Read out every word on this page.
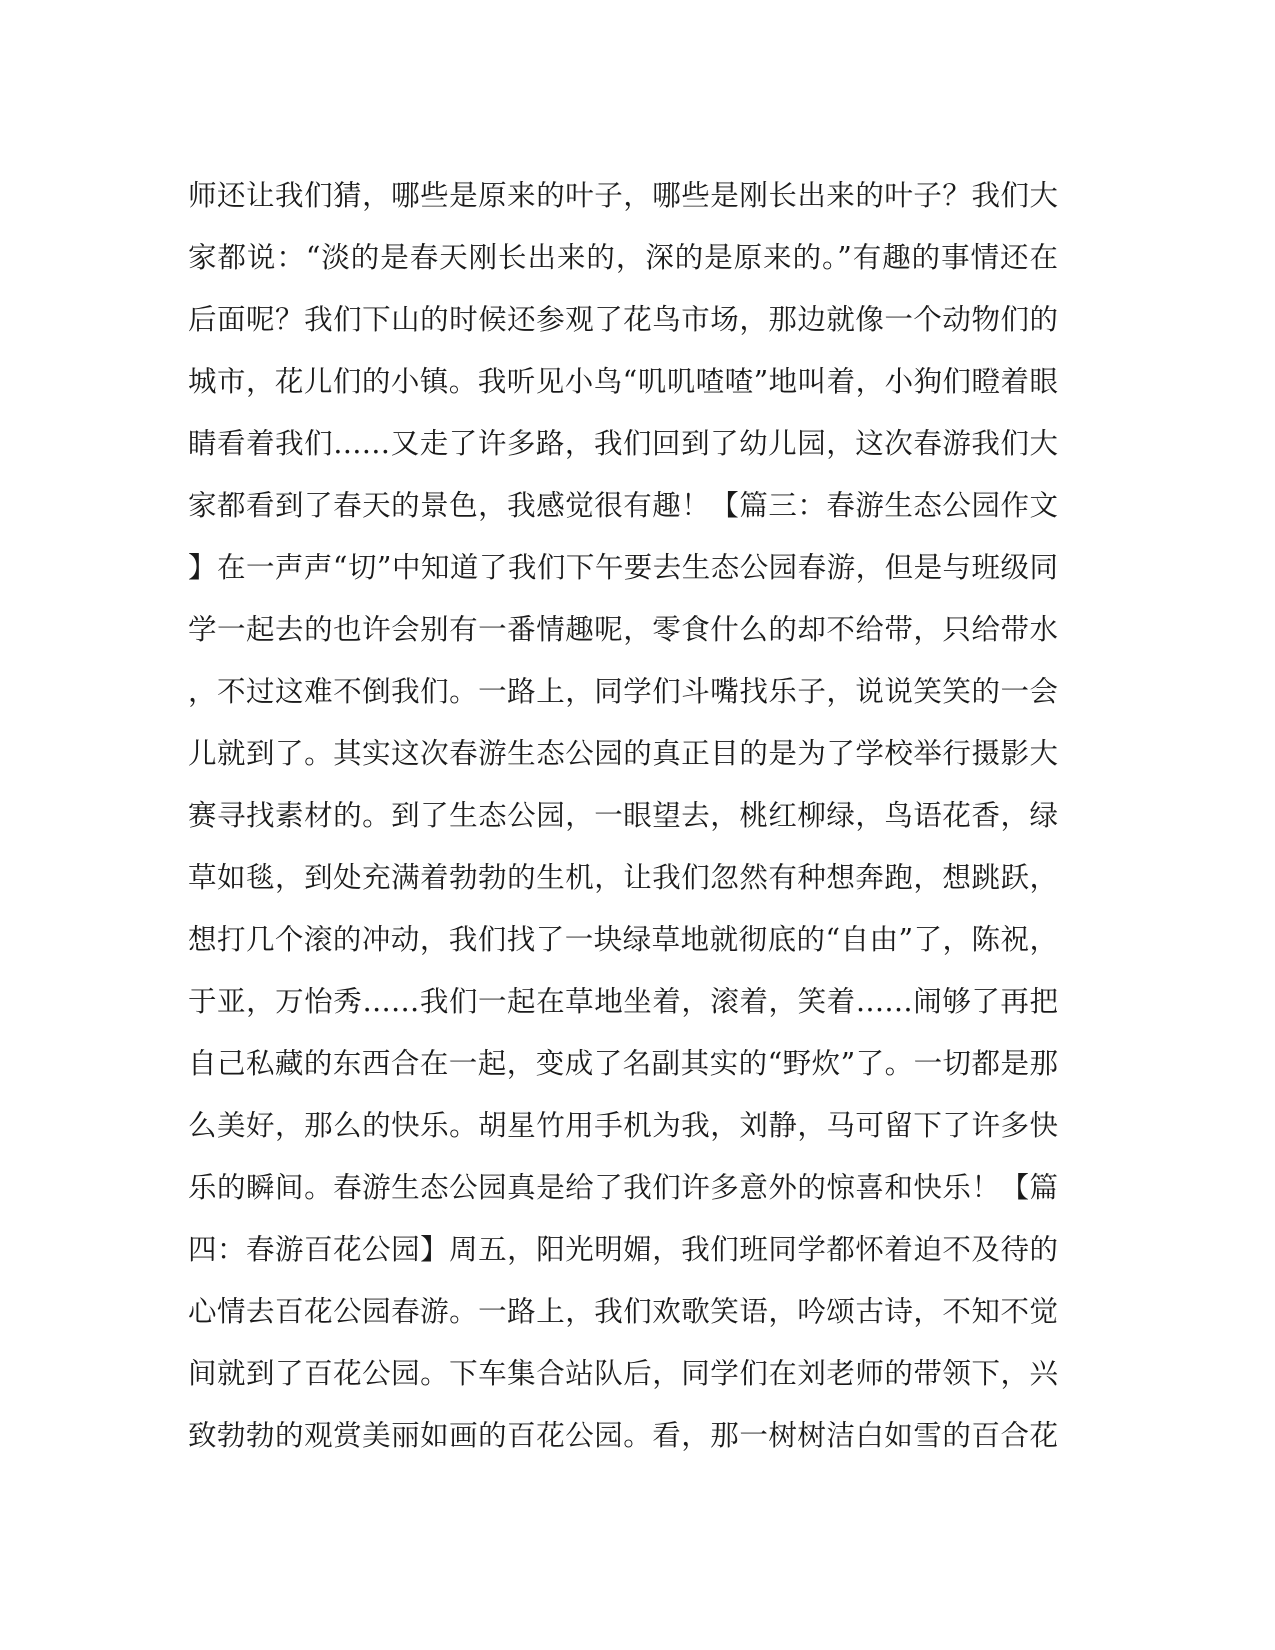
师还让我们猜，哪些是原来的叶子，哪些是刚长出来的叶子？我们大
家都说：“淡的是春天刚长出来的，深的是原来的。”有趣的事情还在
后面呢？我们下山的时候还参观了花鸟市场，那边就像一个动物们的
城市，花儿们的小镇。我听见小鸟“叽叽喳喳”地叫着，小狗们瞪着眼
睛看着我们……又走了许多路，我们回到了幼儿园，这次春游我们大
家都看到了春天的景色，我感觉很有趣！【篇三：春游生态公园作文
】在一声声“切”中知道了我们下午要去生态公园春游，但是与班级同
学一起去的也许会别有一番情趣呢，零食什么的却不给带，只给带水
，不过这难不倒我们。一路上，同学们斗嘴找乐子，说说笑笑的一会
儿就到了。其实这次春游生态公园的真正目的是为了学校举行摄影大
赛寻找素材的。到了生态公园，一眼望去，桃红柳绿，鸟语花香，绿
草如毯，到处充满着勃勃的生机，让我们忽然有种想奔跑，想跳跃，
想打几个滚的冲动，我们找了一块绿草地就彻底的“自由”了，陈祝，
于亚，万怡秀……我们一起在草地坐着，滚着，笑着……闹够了再把
自己私藏的东西合在一起，变成了名副其实的“野炊”了。一切都是那
么美好，那么的快乐。胡星竹用手机为我，刘静，马可留下了许多快
乐的瞬间。春游生态公园真是给了我们许多意外的惊喜和快乐！【篇
四：春游百花公园】周五，阳光明媚，我们班同学都怀着迫不及待的
心情去百花公园春游。一路上，我们欢歌笑语，吟颂古诗，不知不觉
间就到了百花公园。下车集合站队后，同学们在刘老师的带领下，兴
致勃勃的观赏美丽如画的百花公园。看，那一树树洁白如雪的百合花
